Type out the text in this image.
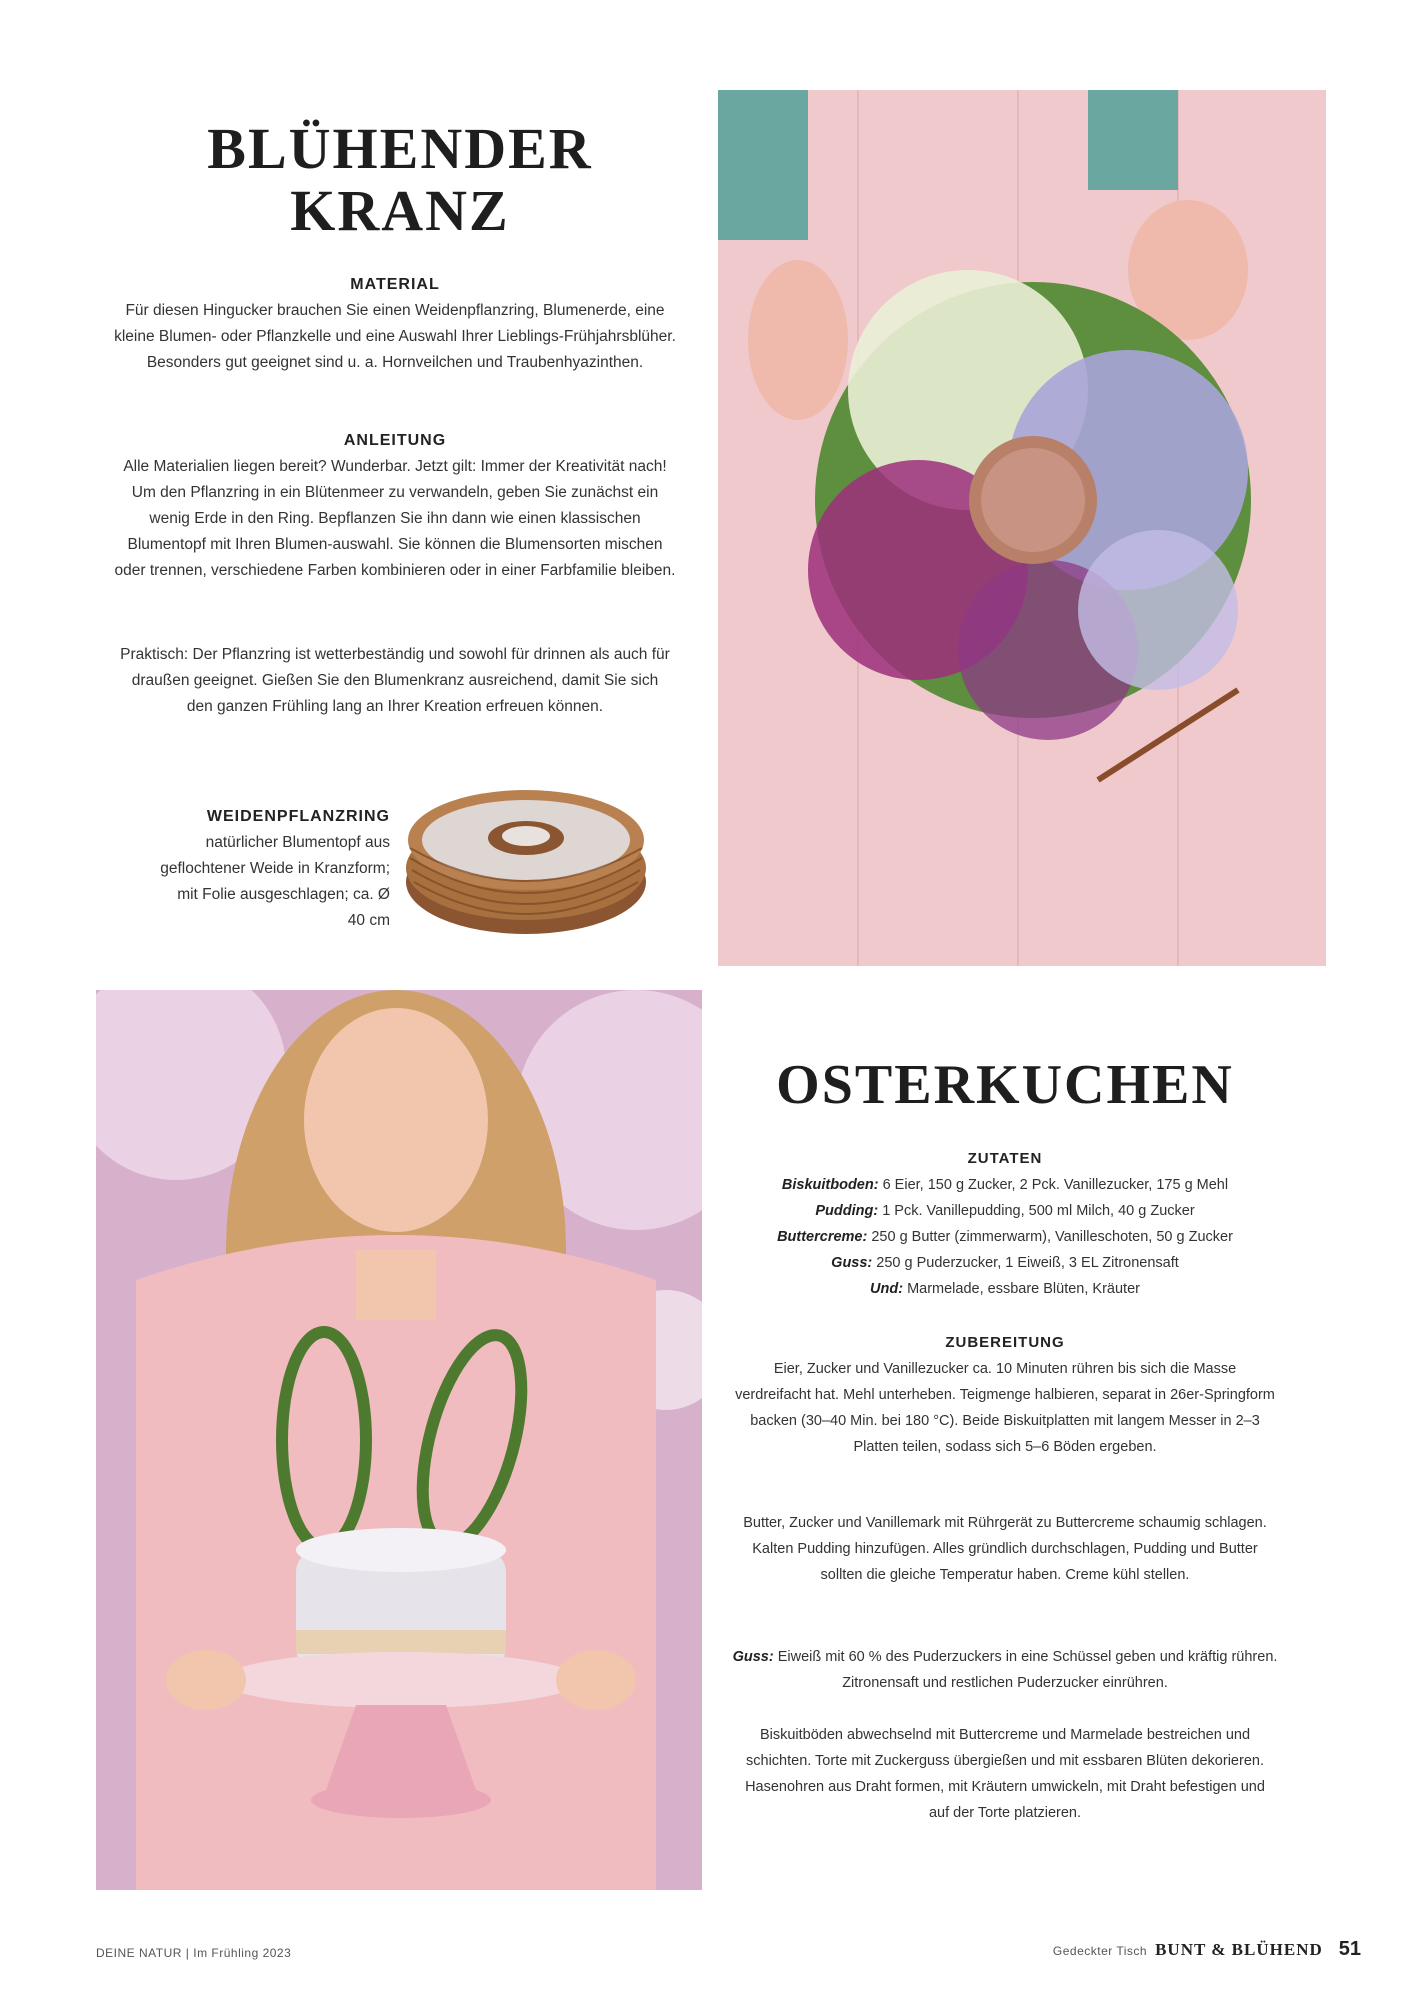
BLÜHENDER KRANZ
MATERIAL
Für diesen Hingucker brauchen Sie einen Weidenpflanzring, Blumenerde, eine kleine Blumen- oder Pflanzkelle und eine Auswahl Ihrer Lieblings-Frühjahrsblüher. Besonders gut geeignet sind u. a. Hornveilchen und Traubenhyazinthen.
ANLEITUNG
Alle Materialien liegen bereit? Wunderbar. Jetzt gilt: Immer der Kreativität nach! Um den Pflanzring in ein Blütenmeer zu verwandeln, geben Sie zunächst ein wenig Erde in den Ring. Bepflanzen Sie ihn dann wie einen klassischen Blumentopf mit Ihren Blumen-auswahl. Sie können die Blumensorten mischen oder trennen, verschiedene Farben kombinieren oder in einer Farbfamilie bleiben.
Praktisch: Der Pflanzring ist wetterbeständig und sowohl für drinnen als auch für draußen geeignet. Gießen Sie den Blumenkranz ausreichend, damit Sie sich den ganzen Frühling lang an Ihrer Kreation erfreuen können.
WEIDENPFLANZRING
natürlicher Blumentopf aus geflochtener Weide in Kranzform; mit Folie ausgeschlagen; ca. Ø 40 cm
OSTERKUCHEN
ZUTATEN
Biskuitboden: 6 Eier, 150 g Zucker, 2 Pck. Vanillezucker, 175 g Mehl
Pudding: 1 Pck. Vanillepudding, 500 ml Milch, 40 g Zucker
Buttercreme: 250 g Butter (zimmerwarm), Vanilleschoten, 50 g Zucker
Guss: 250 g Puderzucker, 1 Eiweiß, 3 EL Zitronensaft
Und: Marmelade, essbare Blüten, Kräuter
ZUBEREITUNG
Eier, Zucker und Vanillezucker ca. 10 Minuten rühren bis sich die Masse verdreifacht hat. Mehl unterheben. Teigmenge halbieren, separat in 26er-Springform backen (30–40 Min. bei 180 °C). Beide Biskuitplatten mit langem Messer in 2–3 Platten teilen, sodass sich 5–6 Böden ergeben.
Butter, Zucker und Vanillemark mit Rührgerät zu Buttercreme schaumig schlagen. Kalten Pudding hinzufügen. Alles gründlich durchschlagen, Pudding und Butter sollten die gleiche Temperatur haben. Creme kühl stellen.
Guss: Eiweiß mit 60 % des Puderzuckers in eine Schüssel geben und kräftig rühren. Zitronensaft und restlichen Puderzucker einrühren.
Biskuitböden abwechselnd mit Buttercreme und Marmelade bestreichen und schichten. Torte mit Zuckerguss übergießen und mit essbaren Blüten dekorieren. Hasenohren aus Draht formen, mit Kräutern umwickeln, mit Draht befestigen und auf der Torte platzieren.
DEINE NATUR | Im Frühling 2023	Gedeckter Tisch BUNT & BLÜHEND 51
